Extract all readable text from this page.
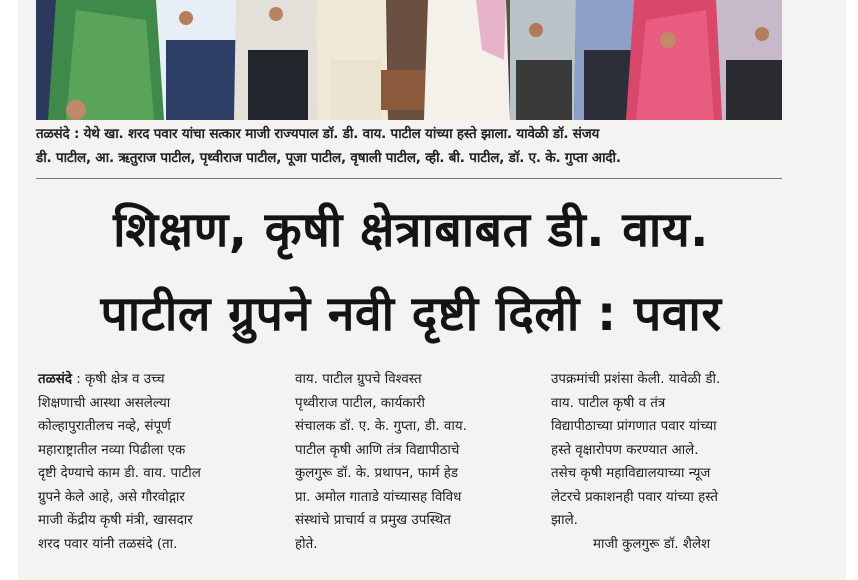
तळसंदे : येथे खा. शरद पवार यांचा सत्कार माजी राज्यपाल डॉ. डी. वाय. पाटील यांच्या हस्ते झाला. यावेळी डॉ. संजय
डी. पाटील, आ. ऋतुराज पाटील, पृथ्वीराज पाटील, पूजा पाटील, वृषाली पाटील, व्ही. बी. पाटील, डॉ. ए. के. गुप्ता आदी.
शिक्षण, कृषी क्षेत्राबाबत डी. वाय.
पाटील ग्रुपने नवी दृष्टी दिली : पवार
तळसंदे : कृषी क्षेत्र व उच्च
शिक्षणाची आस्था असलेल्या
कोल्हापुरातीलच नव्हे, संपूर्ण
महाराष्ट्रातील नव्या पिढीला एक
दृष्टी देण्याचे काम डी. वाय. पाटील
ग्रुपने केले आहे, असे गौरवोद्गार
माजी केंद्रीय कृषी मंत्री, खासदार
शरद पवार यांनी तळसंदे (ता.
वाय. पाटील ग्रुपचे विश्वस्त
पृथ्वीराज पाटील, कार्यकारी
संचालक डॉ. ए. के. गुप्ता, डी. वाय.
पाटील कृषी आणि तंत्र विद्यापीठाचे
कुलगुरू डॉ. के. प्रथापन, फार्म हेड
प्रा. अमोल गाताडे यांच्यासह विविध
संस्थांचे प्राचार्य व प्रमुख उपस्थित
होते.
उपक्रमांची प्रशंसा केली. यावेळी डी.
वाय. पाटील कृषी व तंत्र
विद्यापीठाच्या प्रांगणात पवार यांच्या
हस्ते वृक्षारोपण करण्यात आले.
तसेच कृषी महाविद्यालयाच्या न्यूज
लेटरचे प्रकाशनही पवार यांच्या हस्ते
झाले.
माजी कुलगुरू डॉ. शैलेश
